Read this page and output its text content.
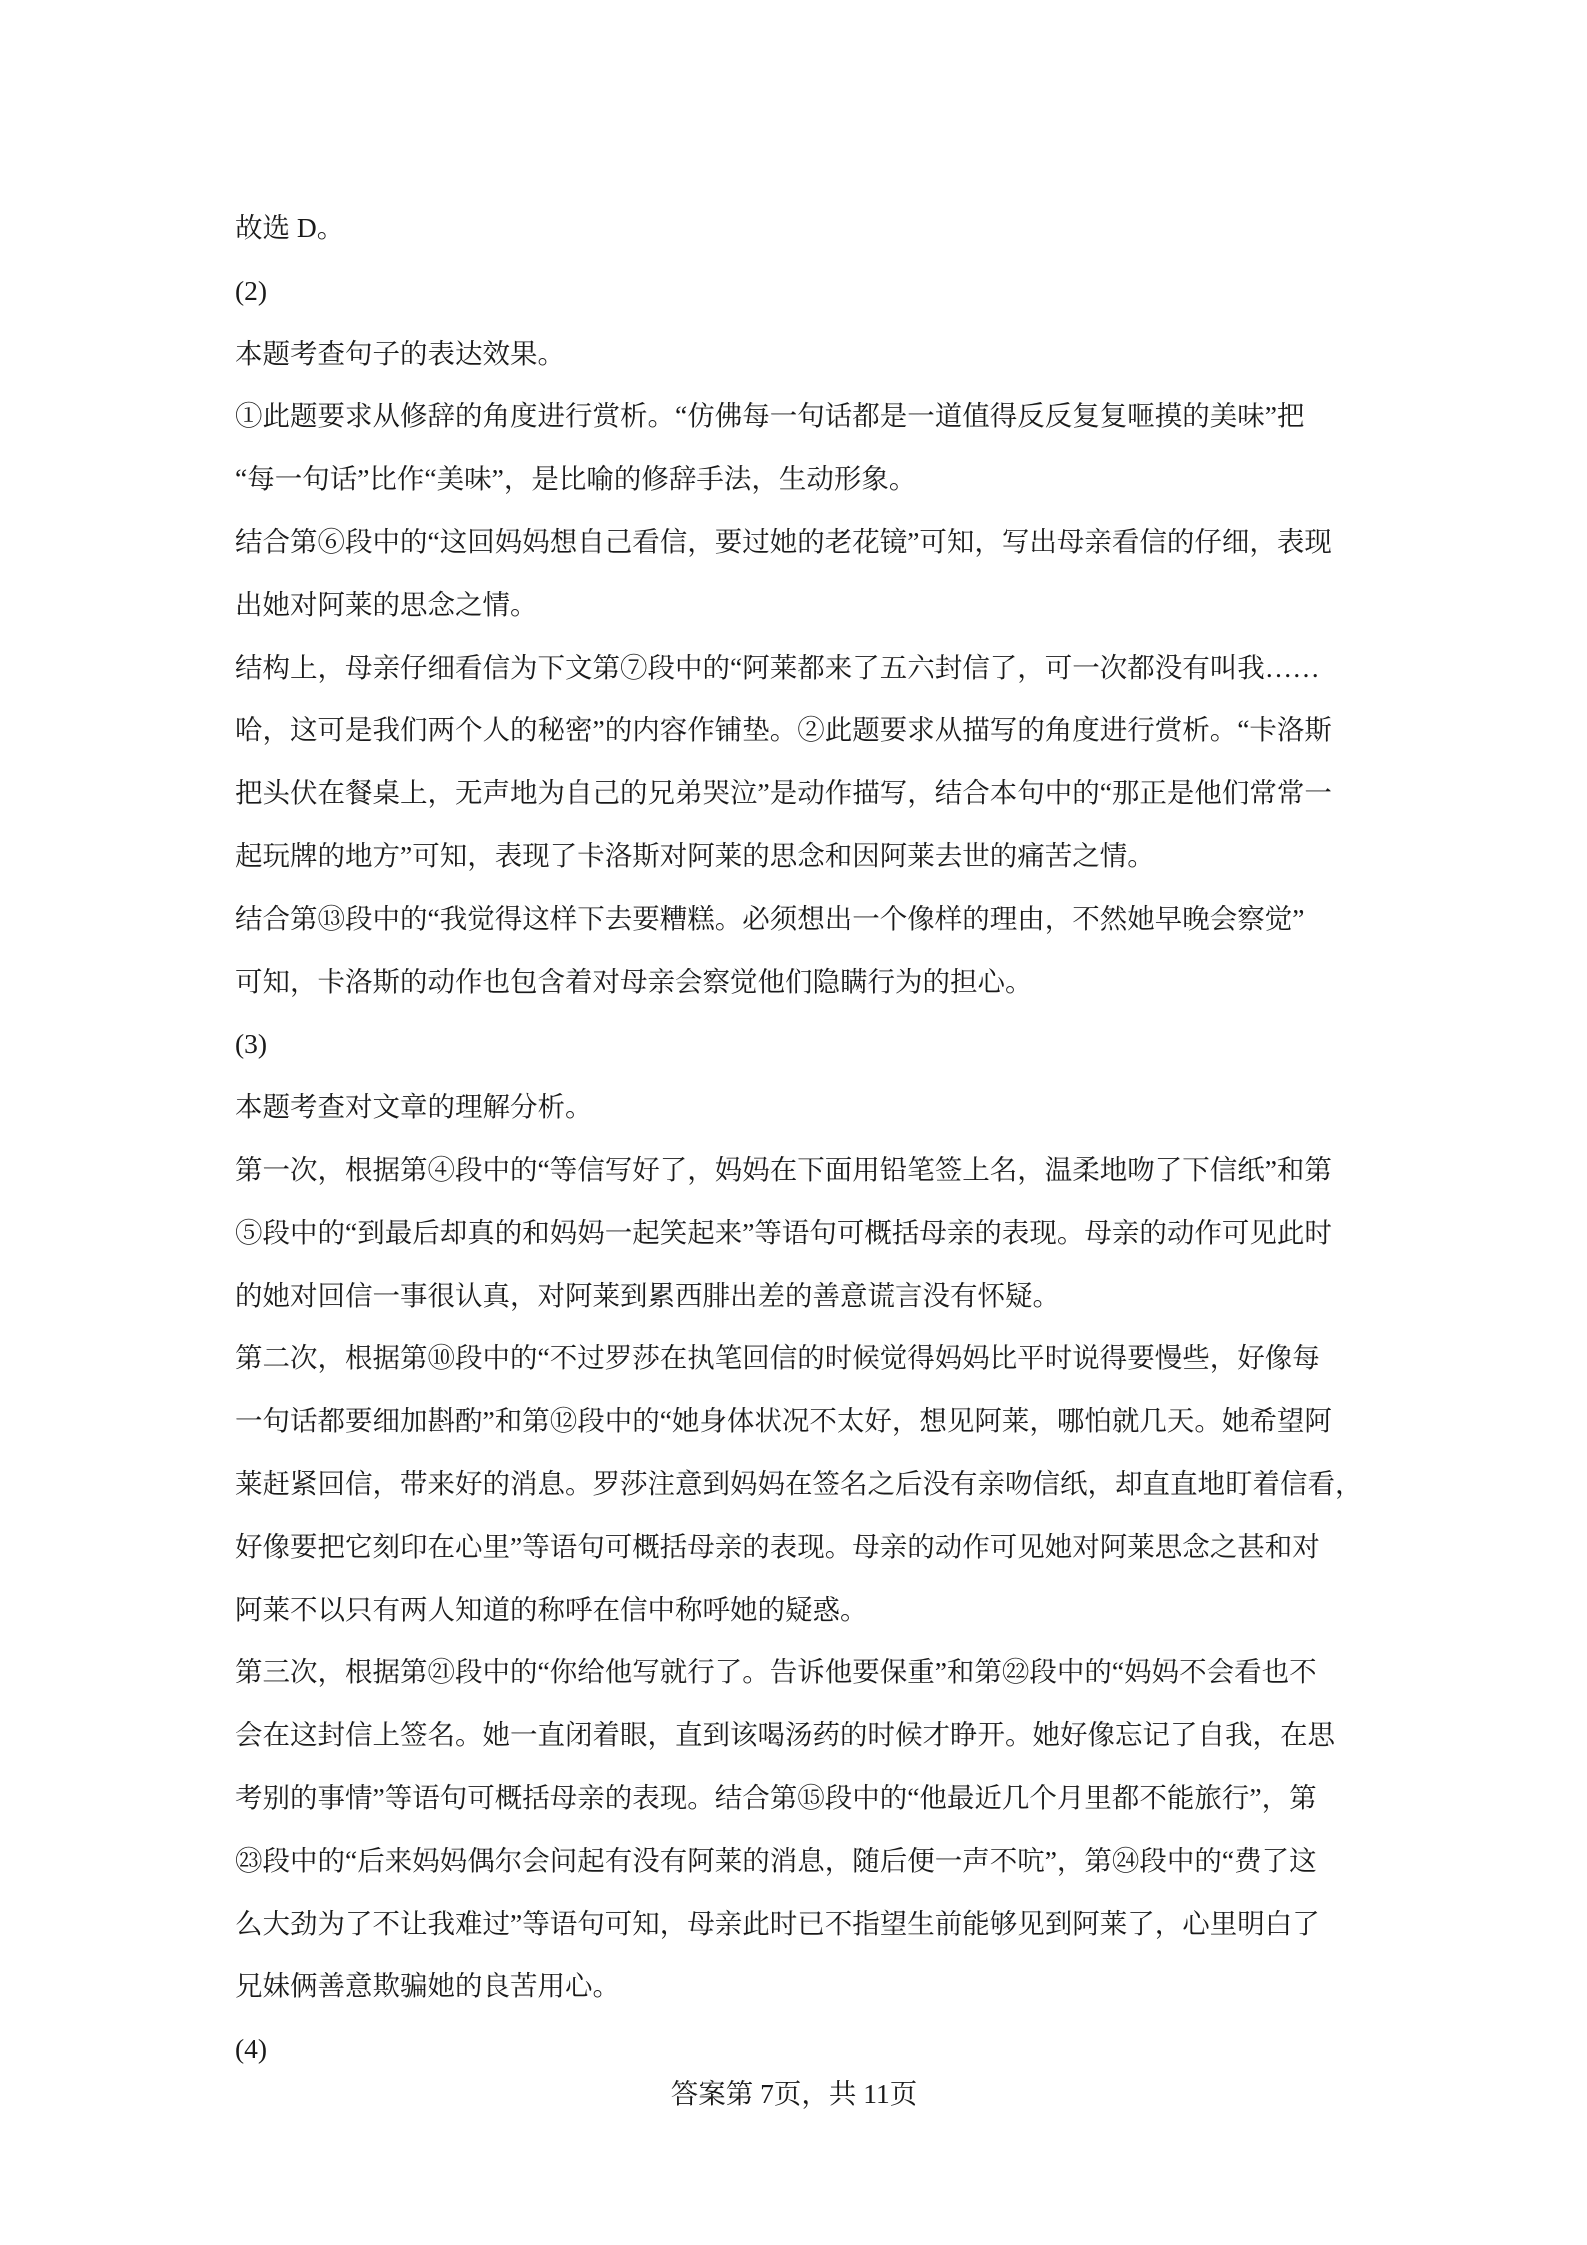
故选 D。
(2)
本题考查句子的表达效果。
①此题要求从修辞的角度进行赏析。“仿佛每一句话都是一道值得反反复复咂摸的美味”把
“每一句话”比作“美味”，是比喻的修辞手法，生动形象。
结合第⑥段中的“这回妈妈想自己看信，要过她的老花镜”可知，写出母亲看信的仔细，表现
出她对阿莱的思念之情。
结构上，母亲仔细看信为下文第⑦段中的“阿莱都来了五六封信了，可一次都没有叫我……
哈，这可是我们两个人的秘密”的内容作铺垫。②此题要求从描写的角度进行赏析。“卡洛斯
把头伏在餐桌上，无声地为自己的兄弟哭泣”是动作描写，结合本句中的“那正是他们常常一
起玩牌的地方”可知，表现了卡洛斯对阿莱的思念和因阿莱去世的痛苦之情。
结合第⑬段中的“我觉得这样下去要糟糕。必须想出一个像样的理由，不然她早晚会察觉”
可知，卡洛斯的动作也包含着对母亲会察觉他们隐瞒行为的担心。
(3)
本题考查对文章的理解分析。
第一次，根据第④段中的“等信写好了，妈妈在下面用铅笔签上名，温柔地吻了下信纸”和第
⑤段中的“到最后却真的和妈妈一起笑起来”等语句可概括母亲的表现。母亲的动作可见此时
的她对回信一事很认真，对阿莱到累西腓出差的善意谎言没有怀疑。
第二次，根据第⑩段中的“不过罗莎在执笔回信的时候觉得妈妈比平时说得要慢些，好像每
一句话都要细加斟酌”和第⑫段中的“她身体状况不太好，想见阿莱，哪怕就几天。她希望阿
莱赶紧回信，带来好的消息。罗莎注意到妈妈在签名之后没有亲吻信纸，却直直地盯着信看，
好像要把它刻印在心里”等语句可概括母亲的表现。母亲的动作可见她对阿莱思念之甚和对
阿莱不以只有两人知道的称呼在信中称呼她的疑惑。
第三次，根据第㉑段中的“你给他写就行了。告诉他要保重”和第㉒段中的“妈妈不会看也不
会在这封信上签名。她一直闭着眼，直到该喝汤药的时候才睁开。她好像忘记了自我，在思
考别的事情”等语句可概括母亲的表现。结合第⑮段中的“他最近几个月里都不能旅行”，第
㉓段中的“后来妈妈偶尔会问起有没有阿莱的消息，随后便一声不吭”，第㉔段中的“费了这
么大劲为了不让我难过”等语句可知，母亲此时已不指望生前能够见到阿莱了，心里明白了
兄妹俩善意欺骗她的良苦用心。
(4)
答案第 7页，共 11页
